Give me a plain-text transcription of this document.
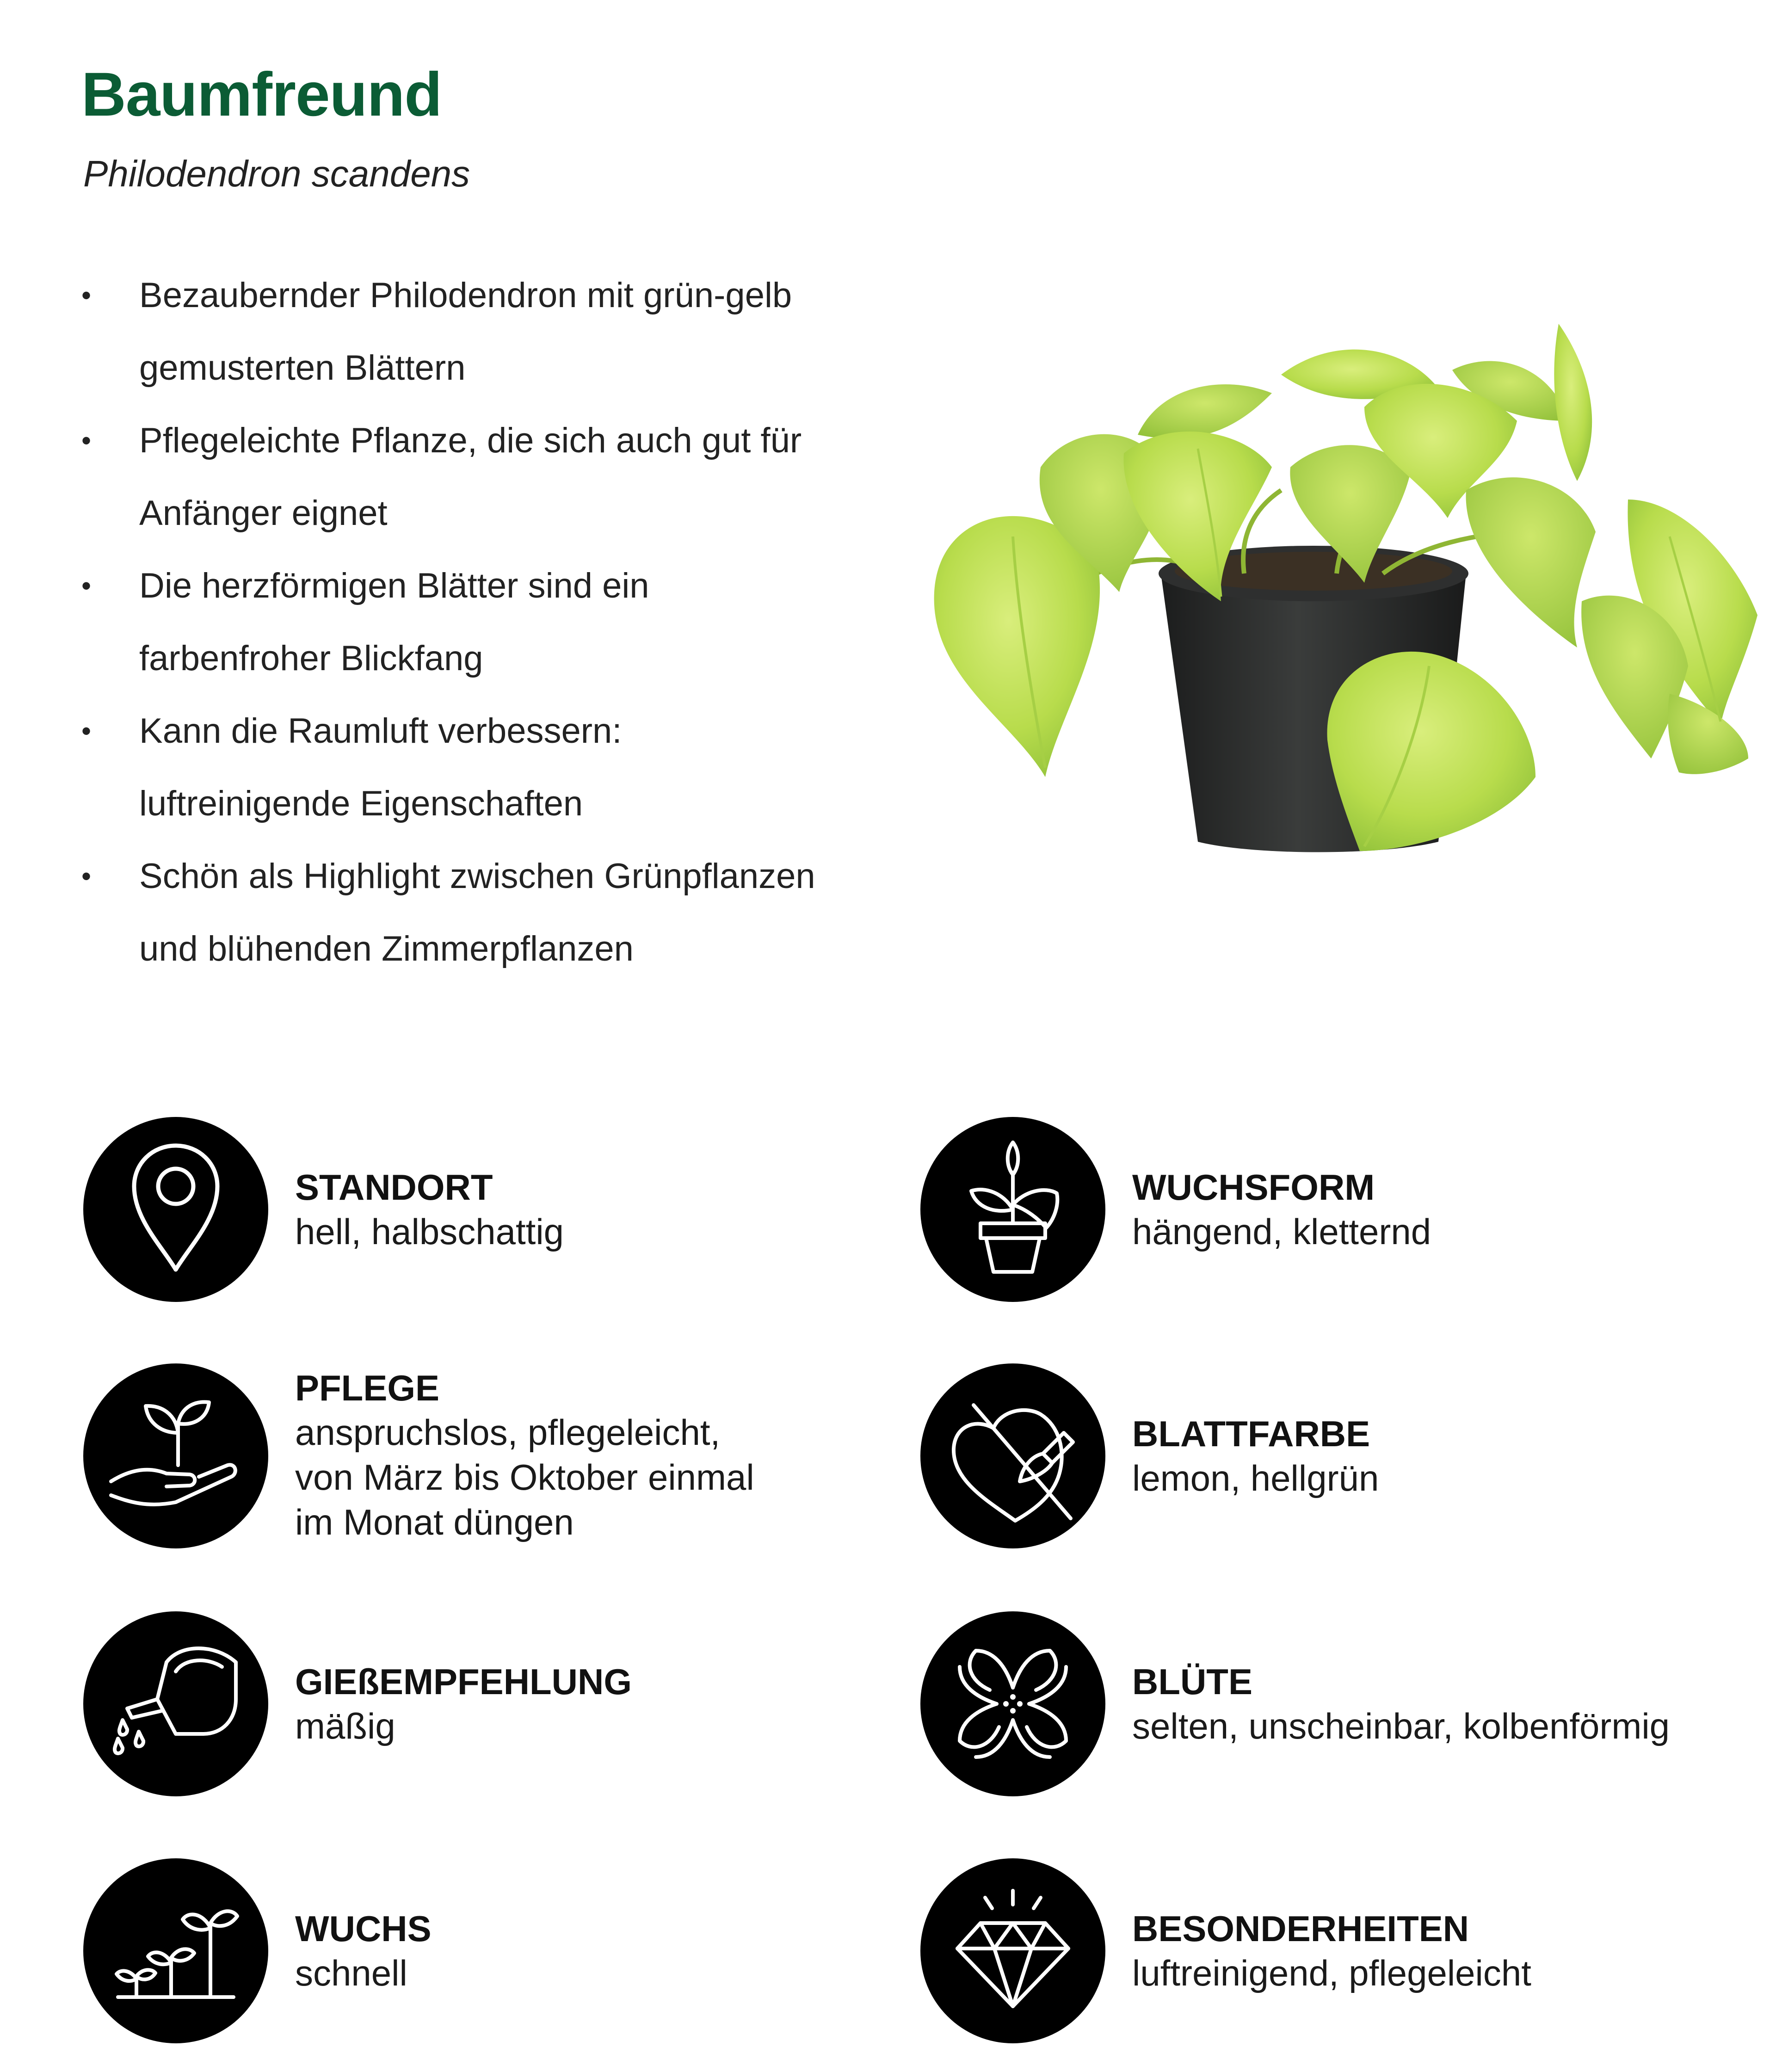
Baumfreund
Philodendron scandens
• Bezaubernder Philodendron mit grün-gelb
gemusterten Blättern
• Pflegeleichte Pflanze, die sich auch gut für
Anfänger eignet
• Die herzförmigen Blätter sind ein
farbenfroher Blickfang
• Kann die Raumluft verbessern:
luftreinigende Eigenschaften
• Schön als Highlight zwischen Grünpflanzen
und blühenden Zimmerpflanzen
STANDORT
hell, halbschattig
PFLEGE
anspruchslos, pflegeleicht,
von März bis Oktober einmal
im Monat düngen
GIEßEMPFEHLUNG
mäßig
WUCHS
schnell
WUCHSFORM
hängend, kletternd
BLATTFARBE
lemon, hellgrün
BLÜTE
selten, unscheinbar, kolbenförmig
BESONDERHEITEN
luftreinigend, pflegeleicht
